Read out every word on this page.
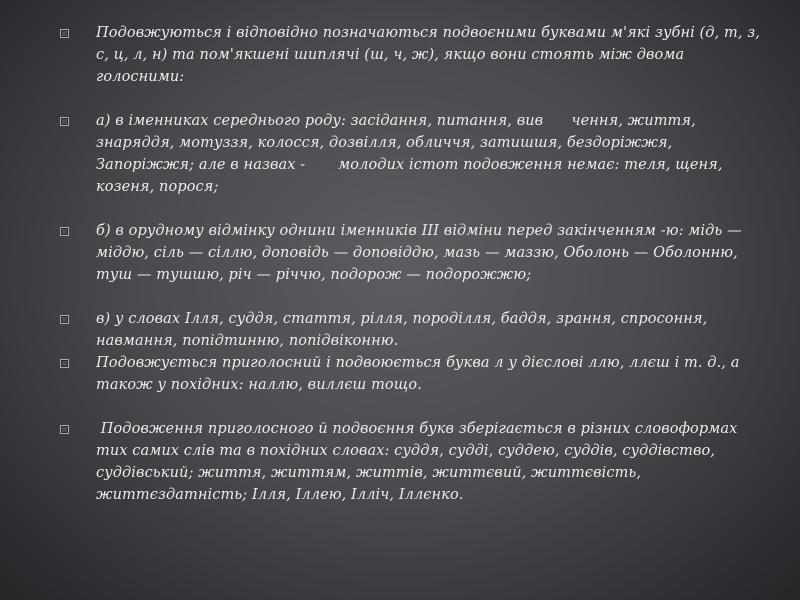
Подовжуються і відповідно позначаються подвоєними буквами м'які зубні (д, т, з, с, ц, л, н) та пом'якшені шиплячі (ш, ч, ж), якщо вони стоять між двома голосними:
а) в іменниках середнього роду: засідання, питання, вив      чення, життя, знаряддя, мотуззя, колосся, дозвілля, обличчя, затишшя, бездоріжжя, Запоріжжя; але в назвах -       молодих істот подовження немає: теля, щеня, козеня, порося;
б) в орудному відмінку однини іменників ІІІ відміни перед закінченням -ю: мідь — міддю, сіль — сіллю, доповідь — доповіддю, мазь — маззю, Оболонь — Оболонню, туш — тушшю, річ — річчю, подорож — подорожжю;
в) у словах Ілля, суддя, стаття, рілля, породілля, баддя, зрання, спросоння, навмання, попідтинню, попідвіконню.
Подовжується приголосний і подвоюється буква л у дієслові ллю, ллєш і т. д., а також у похідних: наллю, виллєш тощо.
Подовження приголосного й подвоєння букв зберігається в різних словоформах тих самих слів та в похідних словах: суддя, судді, суддею, суддів, суддівство, суддівський; життя, життям, життів, життєвий, життєвість, життєздатність; Ілля, Іллею, Ілліч, Іллєнко.
